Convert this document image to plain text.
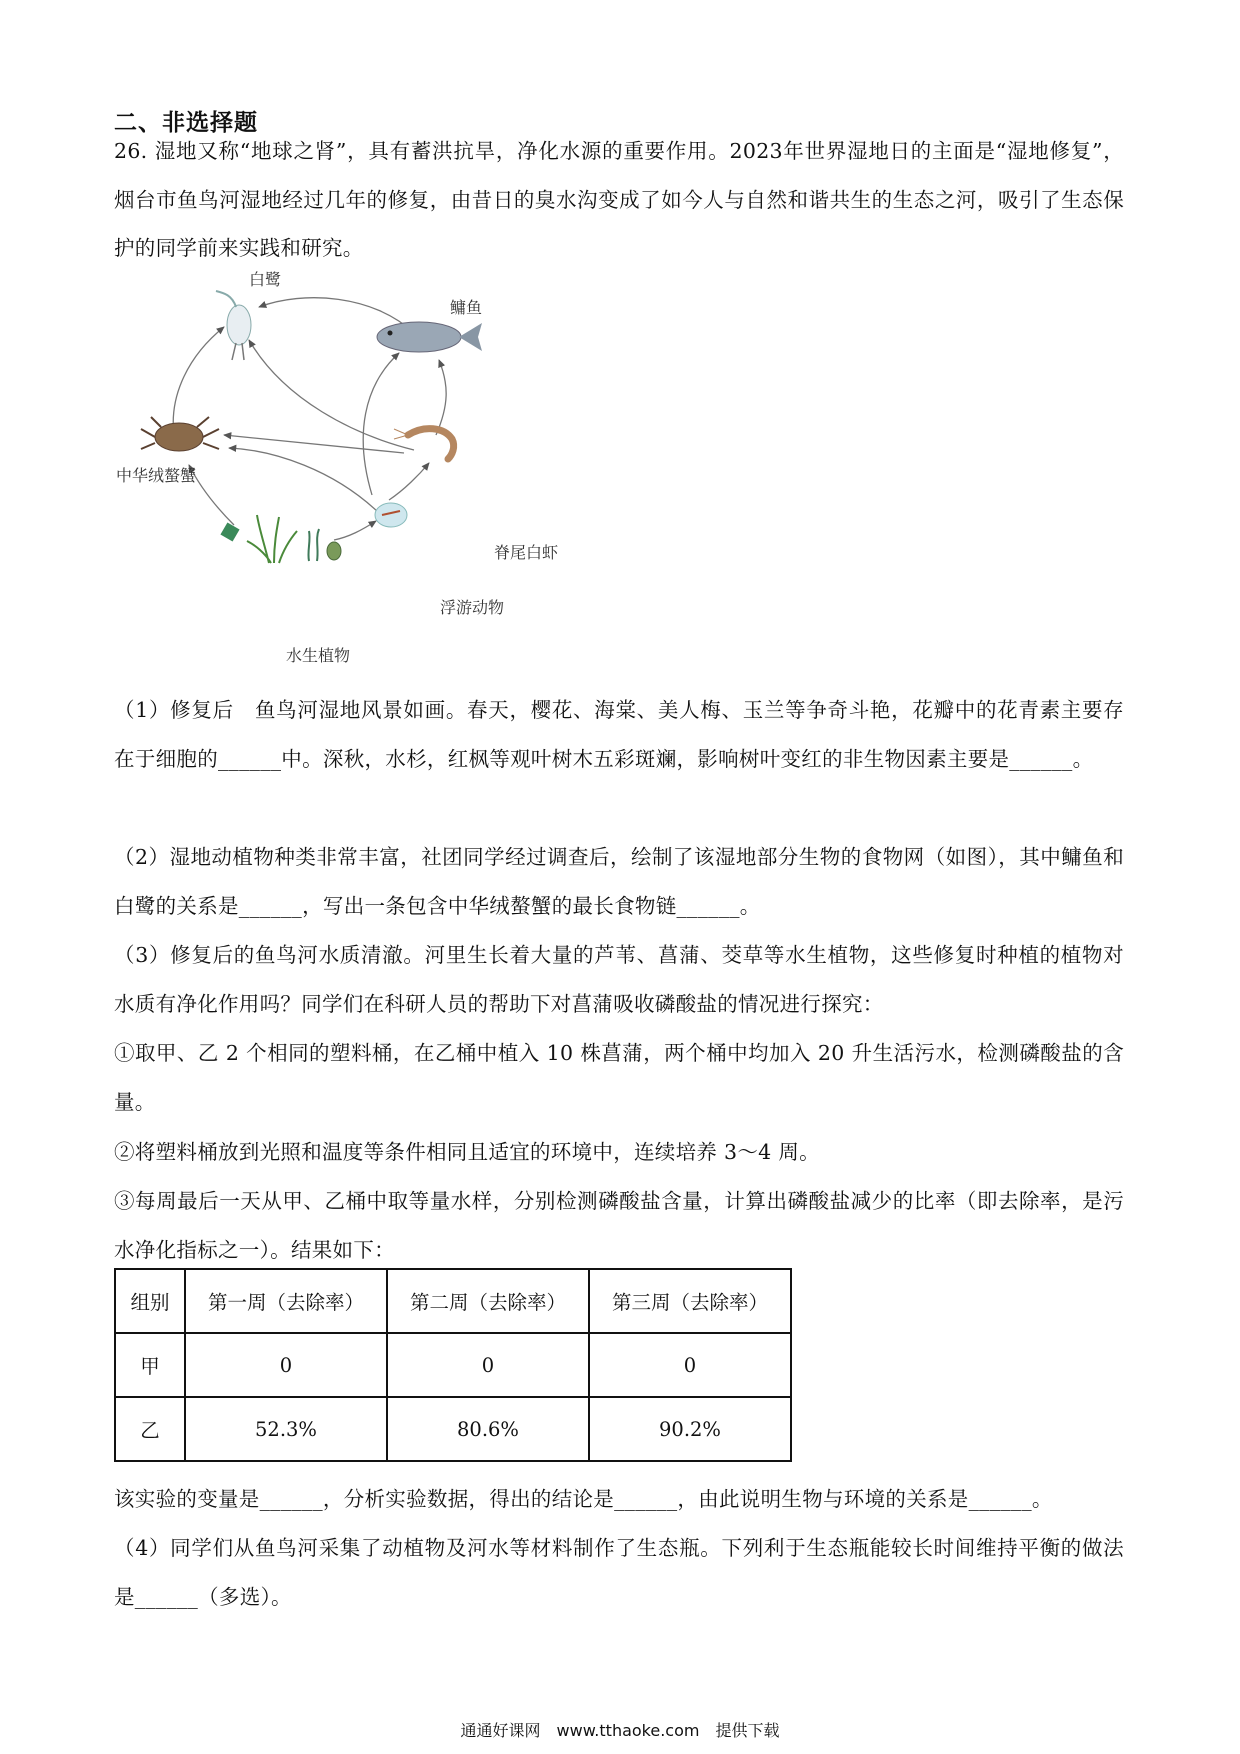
二、非选择题
26. 湿地又称“地球之肾”，具有蓄洪抗旱，净化水源的重要作用。2023年世界湿地日的主面是“湿地修复”，烟台市鱼鸟河湿地经过几年的修复，由昔日的臭水沟变成了如今人与自然和谐共生的生态之河，吸引了生态保护的同学前来实践和研究。
白鹭
鳙鱼
中华绒螯蟹
脊尾白虾
浮游动物
水生植物
（1）修复后　鱼鸟河湿地风景如画。春天，樱花、海棠、美人梅、玉兰等争奇斗艳，花瓣中的花青素主要存在于细胞的______中。深秋，水杉，红枫等观叶树木五彩斑斓，影响树叶变红的非生物因素主要是______。
（2）湿地动植物种类非常丰富，社团同学经过调查后，绘制了该湿地部分生物的食物网（如图），其中鳙鱼和白鹭的关系是______，写出一条包含中华绒螯蟹的最长食物链______。
（3）修复后的鱼鸟河水质清澈。河里生长着大量的芦苇、菖蒲、茭草等水生植物，这些修复时种植的植物对水质有净化作用吗？同学们在科研人员的帮助下对菖蒲吸收磷酸盐的情况进行探究：
①取甲、乙 2 个相同的塑料桶，在乙桶中植入 10 株菖蒲，两个桶中均加入 20 升生活污水，检测磷酸盐的含量。
②将塑料桶放到光照和温度等条件相同且适宜的环境中，连续培养 3～4 周。
③每周最后一天从甲、乙桶中取等量水样，分别检测磷酸盐含量，计算出磷酸盐减少的比率（即去除率，是污水净化指标之一）。结果如下：
组别	第一周（去除率）	第二周（去除率）	第三周（去除率）
甲	0	0	0
乙	52.3%	80.6%	90.2%
该实验的变量是______，分析实验数据，得出的结论是______，由此说明生物与环境的关系是______。
（4）同学们从鱼鸟河采集了动植物及河水等材料制作了生态瓶。下列利于生态瓶能较长时间维持平衡的做法是______（多选）。
通通好课网　www.tthaoke.com　提供下载
